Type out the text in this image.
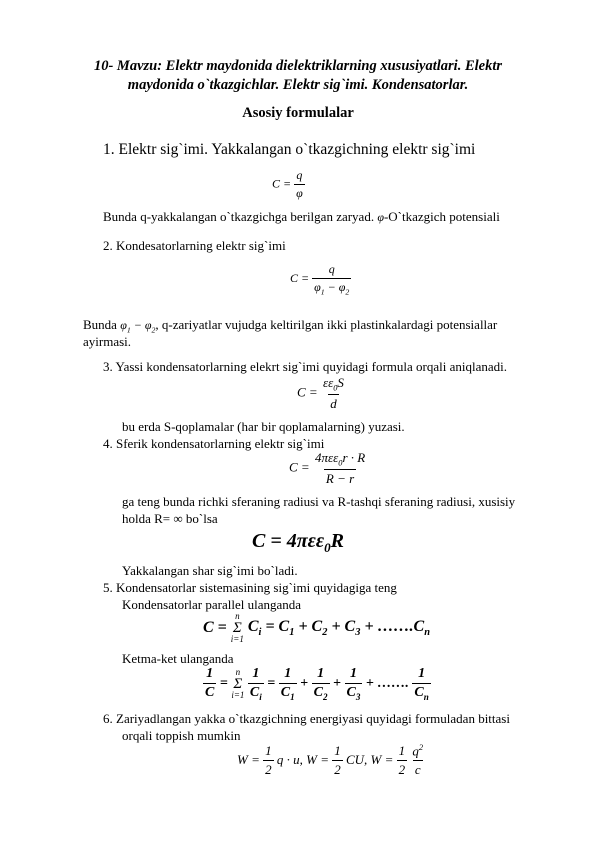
10- Mavzu: Elektr maydonida dielektriklarning xususiyatlari. Elektr maydonida o`tkazgichlar. Elektr sig`imi. Kondensatorlar.
Asosiy formulalar
1. Elektr sig`imi. Yakkalangan o`tkazgichning elektr sig`imi
$C = \frac{q}{\varphi}$
Bunda q-yakkalangan o`tkazgichga berilgan zaryad. φ-O`tkazgich potensiali
2. Kondesatorlarning elektr sig`imi
$C = \frac{q}{\varphi_1 - \varphi_2}$
Bunda $\varphi_1 - \varphi_2$, q-zariyatlar vujudga keltirilgan ikki plastinkalardagi potensiallar
ayirmasi.
3. Yassi kondensatorlarning elekrt sig`imi quyidagi formula orqali aniqlanadi.
$C = \frac{\varepsilon\varepsilon_0S}{d}$
bu erda S-qoplamalar (har bir qoplamalarning) yuzasi.
4. Sferik kondensatorlarning elektr sig`imi
$C = \frac{4\pi\varepsilon\varepsilon_0r \cdot R}{R - r}$
ga teng bunda richki sferaning radiusi va R-tashqi sferaning radiusi, xusisiy
holda R= ∞ bo`lsa
C = 4πεε$_0$R
Yakkalangan shar sig`imi bo`ladi.
5. Kondensatorlar sistemasining sig`imi quyidagiga teng
Kondensatorlar parallel ulanganda
C =
n
Σ
i=1
$C_i = C_1 + C_2 + C_3$ + $\dots\dots.C_n$
Ketma-ket ulanganda
$\frac{1}{C}$ =
n
Σ
i=1
$\frac{1}{C_i} = \frac{1}{C_1} + \frac{1}{C_2} + \frac{1}{C_3}$ + ……. $\frac{1}{C_n}$
6. Zariyadlangan yakka o`tkazgichning energiyasi quyidagi formuladan bittasi
orqali toppish mumkin
$W = \frac{1}{2}$ q · u, $W = \frac{1}{2}$ CU, $W = \frac{1}{2}$
$\frac{q^2}{c}$
